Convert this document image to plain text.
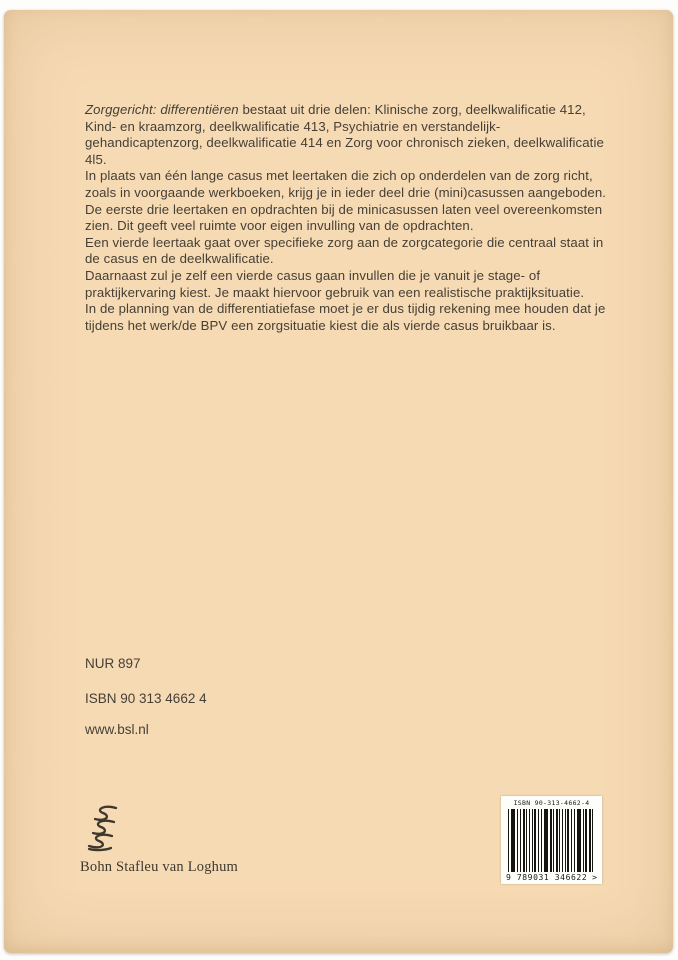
Zorggericht: differentiëren bestaat uit drie delen: Klinische zorg, deelkwalificatie 412, Kind- en kraamzorg, deelkwalificatie 413, Psychiatrie en verstandelijk-gehandicaptenzorg, deelkwalificatie 414 en Zorg voor chronisch zieken, deelkwalificatie 4l5.

In plaats van één lange casus met leertaken die zich op onderdelen van de zorg richt, zoals in voorgaande werkboeken, krijg je in ieder deel drie (mini)casussen aangeboden. De eerste drie leertaken en opdrachten bij de minicasussen laten veel overeenkomsten zien. Dit geeft veel ruimte voor eigen invulling van de opdrachten.

Een vierde leertaak gaat over specifieke zorg aan de zorgcategorie die centraal staat in de casus en de deelkwalificatie.

Daarnaast zul je zelf een vierde casus gaan invullen die je vanuit je stage- of praktijkervaring kiest. Je maakt hiervoor gebruik van een realistische praktijksituatie.

In de planning van de differentiatiefase moet je er dus tijdig rekening mee houden dat je tijdens het werk/de BPV een zorgsituatie kiest die als vierde casus bruikbaar is.

NUR 897
ISBN 90 313 4662 4
www.bsl.nl
Bohn Stafleu van Loghum
ISBN 90-313-4662-4
9 789031 346622 >
